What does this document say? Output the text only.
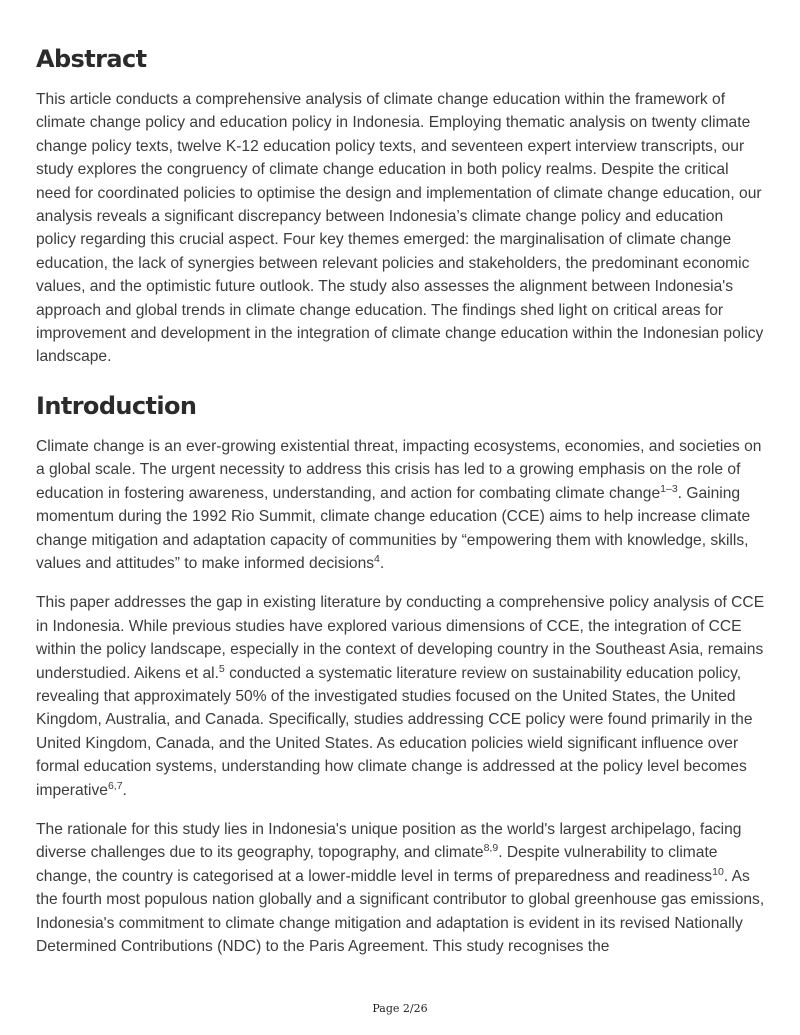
Abstract

This article conducts a comprehensive analysis of climate change education within the framework of climate change policy and education policy in Indonesia. Employing thematic analysis on twenty climate change policy texts, twelve K-12 education policy texts, and seventeen expert interview transcripts, our study explores the congruency of climate change education in both policy realms. Despite the critical need for coordinated policies to optimise the design and implementation of climate change education, our analysis reveals a significant discrepancy between Indonesia’s climate change policy and education policy regarding this crucial aspect. Four key themes emerged: the marginalisation of climate change education, the lack of synergies between relevant policies and stakeholders, the predominant economic values, and the optimistic future outlook. The study also assesses the alignment between Indonesia's approach and global trends in climate change education. The findings shed light on critical areas for improvement and development in the integration of climate change education within the Indonesian policy landscape.

Introduction

Climate change is an ever-growing existential threat, impacting ecosystems, economies, and societies on a global scale. The urgent necessity to address this crisis has led to a growing emphasis on the role of education in fostering awareness, understanding, and action for combating climate change$^{1-3}$. Gaining momentum during the 1992 Rio Summit, climate change education (CCE) aims to help increase climate change mitigation and adaptation capacity of communities by “empowering them with knowledge, skills, values and attitudes” to make informed decisions$^4$.

This paper addresses the gap in existing literature by conducting a comprehensive policy analysis of CCE in Indonesia. While previous studies have explored various dimensions of CCE, the integration of CCE within the policy landscape, especially in the context of developing country in the Southeast Asia, remains understudied. Aikens et al.$^5$ conducted a systematic literature review on sustainability education policy, revealing that approximately 50% of the investigated studies focused on the United States, the United Kingdom, Australia, and Canada. Specifically, studies addressing CCE policy were found primarily in the United Kingdom, Canada, and the United States. As education policies wield significant influence over formal education systems, understanding how climate change is addressed at the policy level becomes imperative$^{6,7}$.

The rationale for this study lies in Indonesia's unique position as the world's largest archipelago, facing diverse challenges due to its geography, topography, and climate$^{8,9}$. Despite vulnerability to climate change, the country is categorised at a lower-middle level in terms of preparedness and readiness$^{10}$. As the fourth most populous nation globally and a significant contributor to global greenhouse gas emissions, Indonesia's commitment to climate change mitigation and adaptation is evident in its revised Nationally Determined Contributions (NDC) to the Paris Agreement. This study recognises the

Page 2/26
